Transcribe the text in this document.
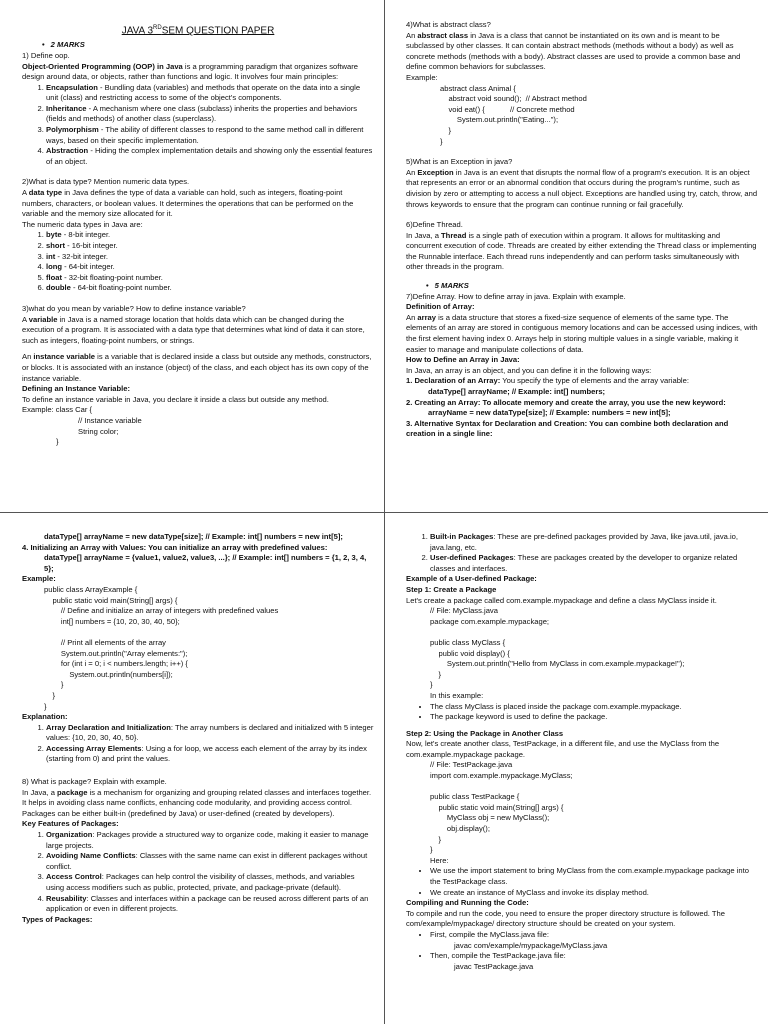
JAVA 3RDSEM QUESTION PAPER
• 2 MARKS

1) Define oop.

Object-Oriented Programming (OOP) in Java is a programming paradigm that organizes software design around data, or objects, rather than functions and logic. It involves four main principles:

1. Encapsulation - Bundling data (variables) and methods that operate on the data into a single unit (class) and restricting access to some of the object's components.
2. Inheritance - A mechanism where one class (subclass) inherits the properties and behaviors (fields and methods) of another class (superclass).
3. Polymorphism - The ability of different classes to respond to the same method call in different ways, based on their specific implementation.
4. Abstraction - Hiding the complex implementation details and showing only the essential features of an object.

2)What is data type? Mention numeric data types.

A data type in Java defines the type of data a variable can hold, such as integers, floating-point numbers, characters, or boolean values. It determines the operations that can be performed on the variable and the memory size allocated for it.

The numeric data types in Java are:

1. byte - 8-bit integer.
2. short - 16-bit integer.
3. int - 32-bit integer.
4. long - 64-bit integer.
5. float - 32-bit floating-point number.
6. double - 64-bit floating-point number.

3)what do you mean by variable? How to define instance variable?

A variable in Java is a named storage location that holds data which can be changed during the execution of a program. It is associated with a data type that determines what kind of data it can store, such as integers, floating-point numbers, or strings.

An instance variable is a variable that is declared inside a class but outside any methods, constructors, or blocks. It is associated with an instance (object) of the class, and each object has its own copy of the instance variable.

Defining an Instance Variable:

To define an instance variable in Java, you declare it inside a class but outside any method.

Example: class Car {

// Instance variable

String color;

}

4)What is abstract class?

An abstract class in Java is a class that cannot be instantiated on its own and is meant to be subclassed by other classes. It can contain abstract methods (methods without a body) as well as concrete methods (methods with a body). Abstract classes are used to provide a common base and define common behaviors for subclasses.

Example:

abstract class Animal {
abstract void sound();  // Abstract method
void eat() {            // Concrete method
System.out.println("Eating...");
}
}

5)What is an Exception in java?

An Exception in Java is an event that disrupts the normal flow of a program's execution. It is an object that represents an error or an abnormal condition that occurs during the program's runtime, such as division by zero or attempting to access a null object. Exceptions are handled using try, catch, throw, and throws keywords to ensure that the program can continue running or fail gracefully.

6)Define Thread.

In Java, a Thread is a single path of execution within a program. It allows for multitasking and concurrent execution of code. Threads are created by either extending the Thread class or implementing the Runnable interface. Each thread runs independently and can perform tasks simultaneously with other threads in the program.

• 5 MARKS

7)Define Array. How to define array in java. Explain with example.

Definition of Array:

An array is a data structure that stores a fixed-size sequence of elements of the same type. The elements of an array are stored in contiguous memory locations and can be accessed using indices, with the first element having index 0. Arrays help in storing multiple values in a single variable, making it easier to manage and manipulate collections of data.

How to Define an Array in Java:

In Java, an array is an object, and you can define it in the following ways:

1. Declaration of an Array: You specify the type of elements and the array variable:

dataType[] arrayName; // Example: int[] numbers;

2. Creating an Array: To allocate memory and create the array, you use the new keyword:

arrayName = new dataType[size]; // Example: numbers = new int[5];

3. Alternative Syntax for Declaration and Creation: You can combine both declaration and creation in a single line:

dataType[] arrayName = new dataType[size]; // Example: int[] numbers = new int[5];

4. Initializing an Array with Values: You can initialize an array with predefined values:

dataType[] arrayName = {value1, value2, value3, ...}; // Example: int[] numbers = {1, 2, 3, 4, 5};

Example:

public class ArrayExample {
public static void main(String[] args) {
// Define and initialize an array of integers with predefined values
int[] numbers = {10, 20, 30, 40, 50};

// Print all elements of the array
System.out.println("Array elements:");
for (int i = 0; i < numbers.length; i++) {
System.out.println(numbers[i]);
}
}
}

Explanation:

1. Array Declaration and Initialization: The array numbers is declared and initialized with 5 integer values: {10, 20, 30, 40, 50}.
2. Accessing Array Elements: Using a for loop, we access each element of the array by its index (starting from 0) and print the values.

8) What is package? Explain with example.

In Java, a package is a mechanism for organizing and grouping related classes and interfaces together. It helps in avoiding class name conflicts, enhancing code modularity, and providing access control. Packages can be either built-in (predefined by Java) or user-defined (created by developers).

Key Features of Packages:

1. Organization: Packages provide a structured way to organize code, making it easier to manage large projects.
2. Avoiding Name Conflicts: Classes with the same name can exist in different packages without conflict.
3. Access Control: Packages can help control the visibility of classes, methods, and variables using access modifiers such as public, protected, private, and package-private (default).
4. Reusability: Classes and interfaces within a package can be reused across different parts of an application or even in different projects.

Types of Packages:

1. Built-in Packages: These are pre-defined packages provided by Java, like java.util, java.io, java.lang, etc.
2. User-defined Packages: These are packages created by the developer to organize related classes and interfaces.

Example of a User-defined Package:

Step 1: Create a Package

Let's create a package called com.example.mypackage and define a class MyClass inside it.

// File: MyClass.java
package com.example.mypackage;

public class MyClass {
public void display() {
System.out.println("Hello from MyClass in com.example.mypackage!");
}
}
In this example:
• The class MyClass is placed inside the package com.example.mypackage.
• The package keyword is used to define the package.

Step 2: Using the Package in Another Class

Now, let's create another class, TestPackage, in a different file, and use the MyClass from the com.example.mypackage package.

// File: TestPackage.java
import com.example.mypackage.MyClass;

public class TestPackage {
public static void main(String[] args) {
MyClass obj = new MyClass();
obj.display();
}
}
Here:
• We use the import statement to bring MyClass from the com.example.mypackage package into the TestPackage class.
• We create an instance of MyClass and invoke its display method.

Compiling and Running the Code:

To compile and run the code, you need to ensure the proper directory structure is followed. The com/example/mypackage/ directory structure should be created on your system.

• First, compile the MyClass.java file:
javac com/example/mypackage/MyClass.java
• Then, compile the TestPackage.java file:
javac TestPackage.java
